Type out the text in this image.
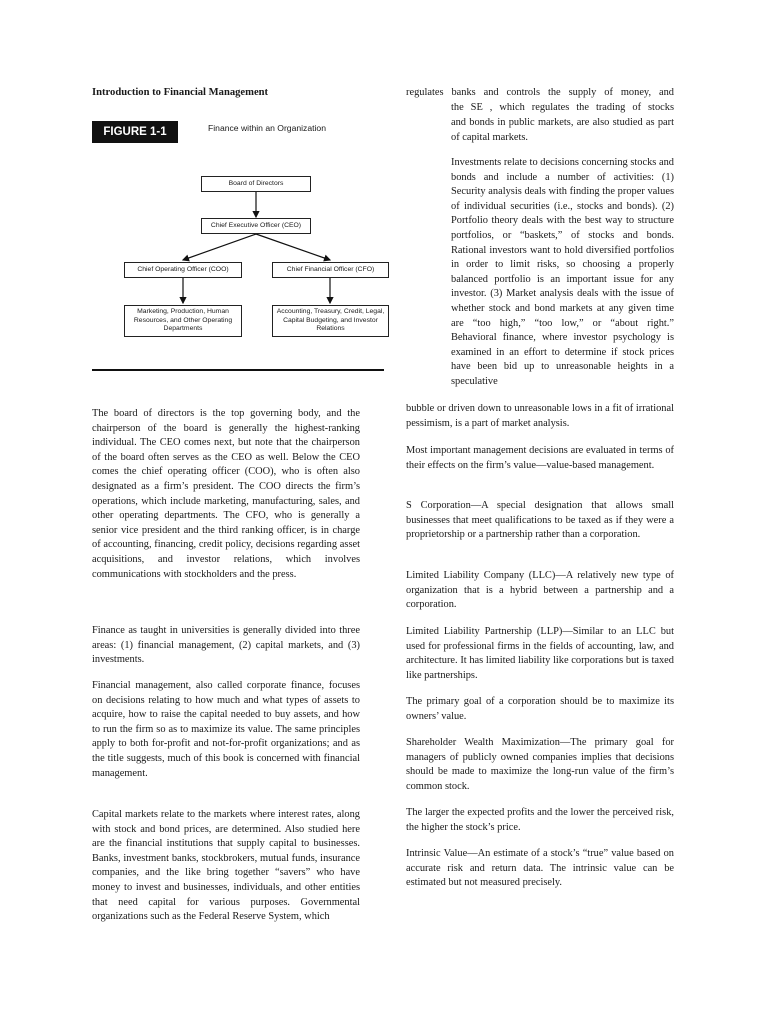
Introduction to Financial Management
FIGURE 1-1	Finance within an Organization
Board of Directors
Chief Executive Officer (CEO)
Chief Operating Officer (COO)	Chief Financial Officer (CFO)
Marketing, Production, Human Resources, and Other Operating Departments
Accounting, Treasury, Credit, Legal, Capital Budgeting, and Investor Relations

The board of directors is the top governing body, and the chairperson of the board is generally the highest-ranking individual. The CEO comes next, but note that the chairperson of the board often serves as the CEO as well. Below the CEO comes the chief operating officer (COO), who is often also designated as a firm’s president. The COO directs the firm’s operations, which include marketing, manufacturing, sales, and other operating departments. The CFO, who is generally a senior vice president and the third ranking officer, is in charge of accounting, financing, credit policy, decisions regarding asset acquisitions, and investor relations, which involves communications with stockholders and the press.

Finance as taught in universities is generally divided into three areas: (1) financial management, (2) capital markets, and (3) investments.

Financial management, also called corporate finance, focuses on decisions relating to how much and what types of assets to acquire, how to raise the capital needed to buy assets, and how to run the firm so as to maximize its value. The same principles apply to both for-profit and not-for-profit organizations; and as the title suggests, much of this book is concerned with financial management.

Capital markets relate to the markets where interest rates, along with stock and bond prices, are determined. Also studied here are the financial institutions that supply capital to businesses. Banks, investment banks, stockbrokers, mutual funds, insurance companies, and the like bring together “savers” who have money to invest and businesses, individuals, and other entities that need capital for various purposes. Governmental organizations such as the Federal Reserve System, which

regulates banks and controls the supply of money, and

the SE , which regulates the trading of stocks

and bonds in public markets, are also studied as part of capital markets.

Investments relate to decisions concerning stocks and bonds and include a number of activities: (1) Security analysis deals with finding the proper values of individual securities (i.e., stocks and bonds). (2) Portfolio theory deals with the best way to structure portfolios, or “baskets,” of stocks and bonds. Rational investors want to hold diversified portfolios in order to limit risks, so choosing a properly balanced portfolio is an important issue for any investor. (3) Market analysis deals with the issue of whether stock and bond markets at any given time are “too high,” “too low,” or “about right.” Behavioral finance, where investor psychology is examined in an effort to determine if stock prices have been bid up to unreasonable heights in a speculative

bubble or driven down to unreasonable lows in a fit of irrational pessimism, is a part of market analysis.

Most important management decisions are evaluated in terms of their effects on the firm’s value—value-based management.

S Corporation—A special designation that allows small businesses that meet qualifications to be taxed as if they were a proprietorship or a partnership rather than a corporation.

Limited Liability Company (LLC)—A relatively new type of organization that is a hybrid between a partnership and a corporation.

Limited Liability Partnership (LLP)—Similar to an LLC but used for professional firms in the fields of accounting, law, and architecture. It has limited liability like corporations but is taxed like partnerships.

The primary goal of a corporation should be to maximize its owners’ value.

Shareholder Wealth Maximization—The primary goal for managers of publicly owned companies implies that decisions should be made to maximize the long-run value of the firm’s common stock.

The larger the expected profits and the lower the perceived risk, the higher the stock’s price.

Intrinsic Value—An estimate of a stock’s “true” value based on accurate risk and return data. The intrinsic value can be estimated but not measured precisely.
